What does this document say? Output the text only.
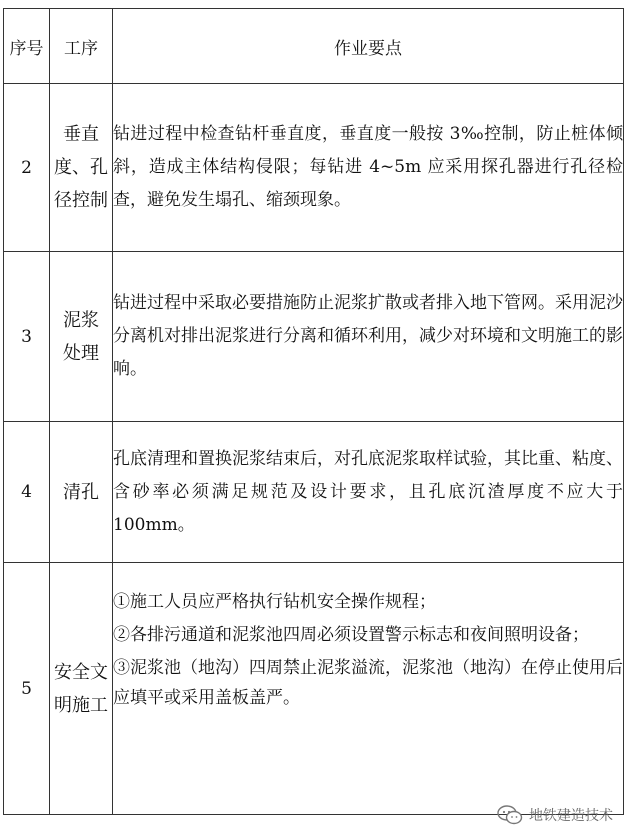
序号	工序	作业要点
2	垂直度、孔径控制	钻进过程中检查钻杆垂直度，垂直度一般按 3‰控制，防止桩体倾斜，造成主体结构侵限；每钻进 4~5m 应采用探孔器进行孔径检查，避免发生塌孔、缩颈现象。

3	泥浆处理	钻进过程中采取必要措施防止泥浆扩散或者排入地下管网。采用泥沙分离机对排出泥浆进行分离和循环利用，减少对环境和文明施工的影响。

4	清孔	孔底清理和置换泥浆结束后，对孔底泥浆取样试验，其比重、粘度、含砂率必须满足规范及设计要求，且孔底沉渣厚度不应大于 100mm。

5	安全文明施工	①施工人员应严格执行钻机安全操作规程；

②各排污通道和泥浆池四周必须设置警示标志和夜间照明设备；

③泥浆池（地沟）四周禁止泥浆溢流，泥浆池（地沟）在停止使用后应填平或采用盖板盖严。

地铁建造技术
